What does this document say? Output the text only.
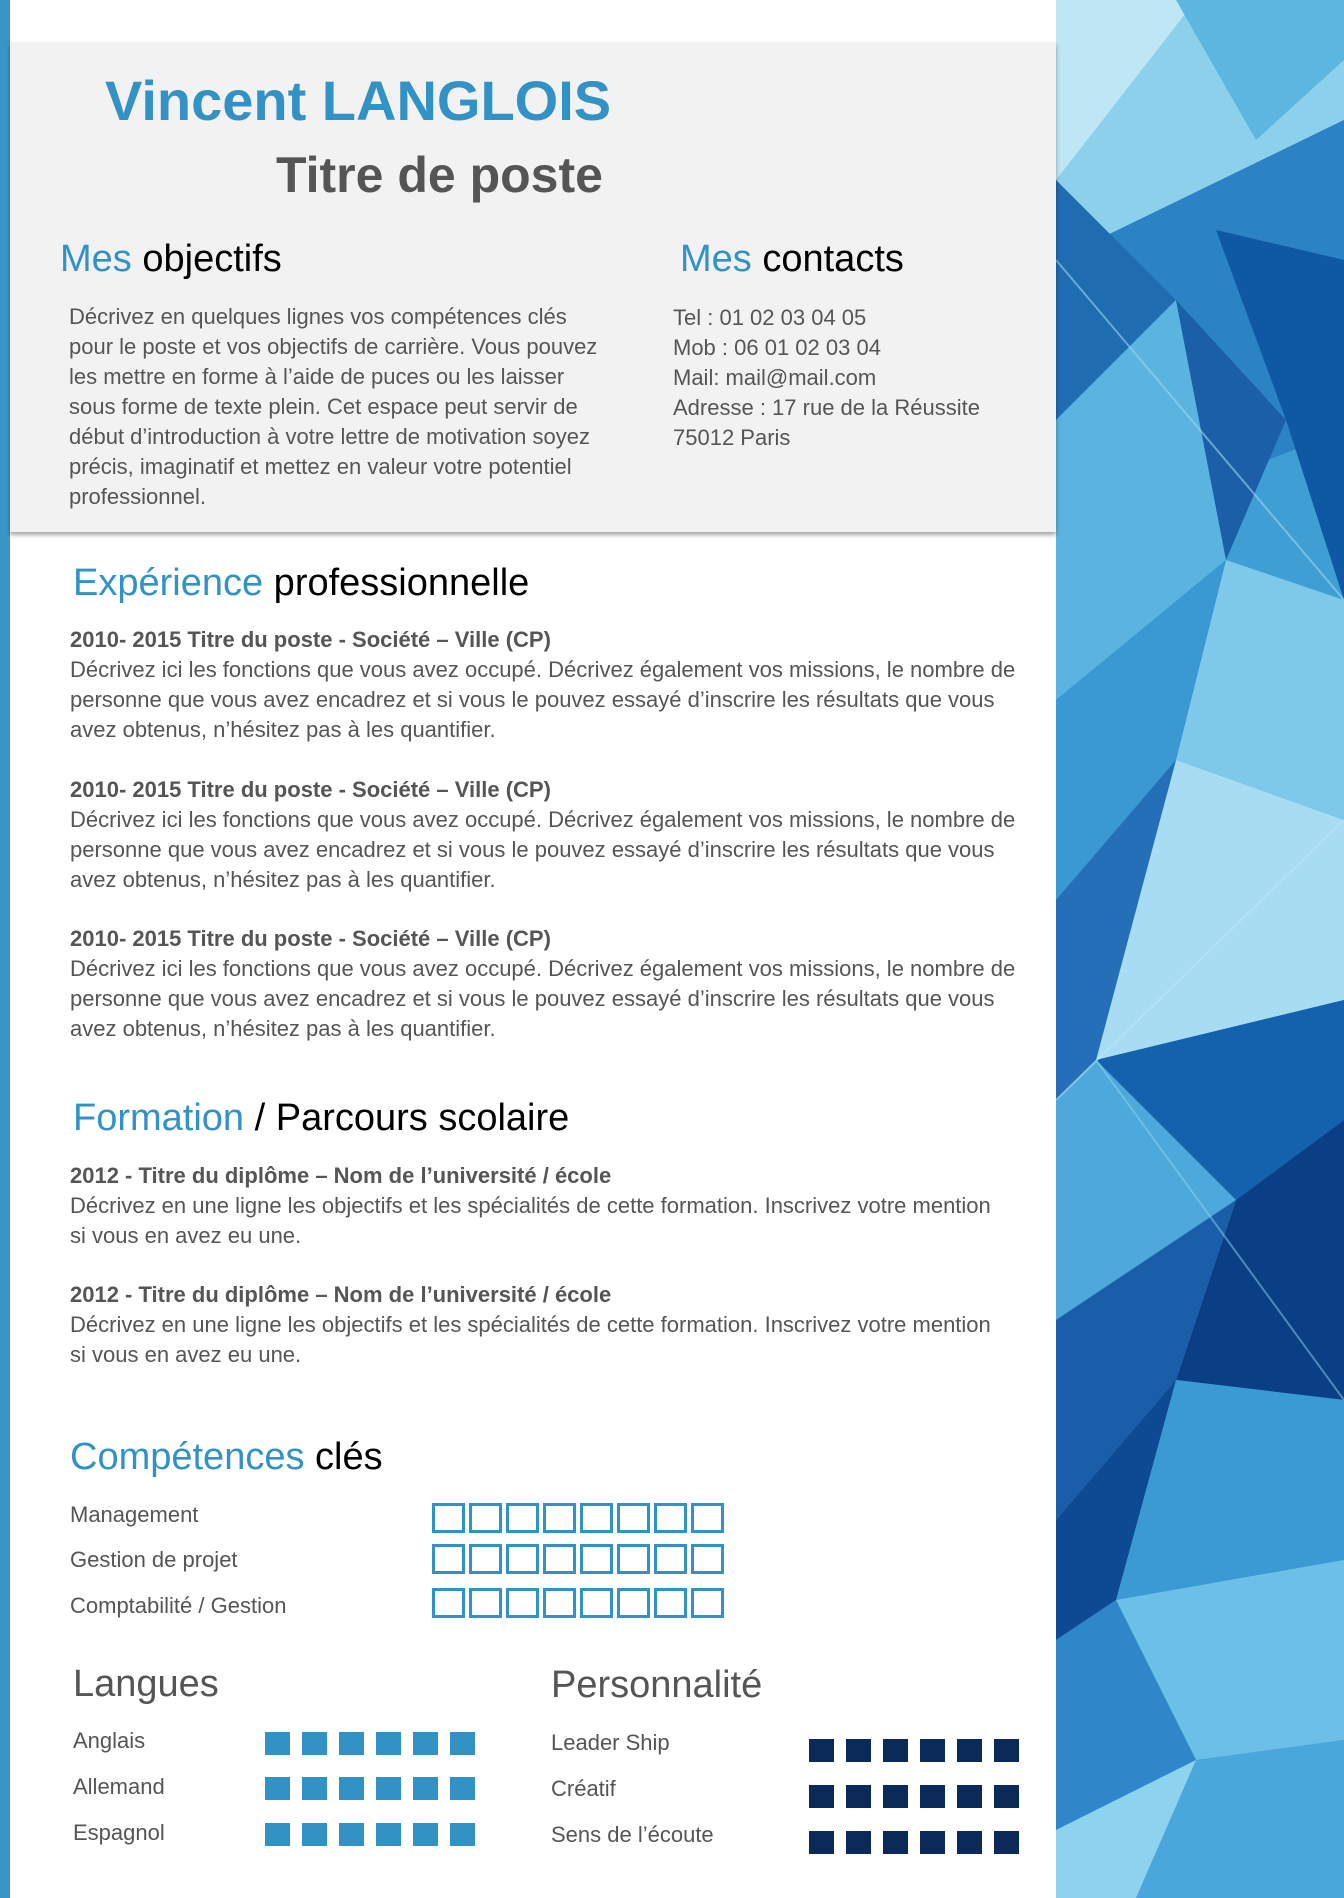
Vincent LANGLOIS
Titre de poste
Mes objectifs
Décrivez en quelques lignes vos compétences clés pour le poste et vos objectifs de carrière. Vous pouvez les mettre en forme à l’aide de puces ou les laisser sous forme de texte plein. Cet espace peut servir de début d’introduction à votre lettre de motivation soyez précis, imaginatif et mettez en valeur votre potentiel professionnel.
Mes contacts
Tel : 01 02 03 04 05
Mob : 06 01 02 03 04
Mail: mail@mail.com
Adresse : 17 rue de la Réussite
75012 Paris
Expérience professionnelle
2010- 2015 Titre du poste - Société – Ville (CP)
Décrivez ici les fonctions que vous avez occupé. Décrivez également vos missions, le nombre de personne que vous avez encadrez et si vous le pouvez essayé d’inscrire les résultats que vous avez obtenus, n’hésitez pas à les quantifier.
2010- 2015 Titre du poste - Société – Ville (CP)
Décrivez ici les fonctions que vous avez occupé. Décrivez également vos missions, le nombre de personne que vous avez encadrez et si vous le pouvez essayé d’inscrire les résultats que vous avez obtenus, n’hésitez pas à les quantifier.
2010- 2015 Titre du poste - Société – Ville (CP)
Décrivez ici les fonctions que vous avez occupé. Décrivez également vos missions, le nombre de personne que vous avez encadrez et si vous le pouvez essayé d’inscrire les résultats que vous avez obtenus, n’hésitez pas à les quantifier.
Formation / Parcours scolaire
2012 - Titre du diplôme – Nom de l’université / école
Décrivez en une ligne les objectifs et les spécialités de cette formation. Inscrivez votre mention si vous en avez eu une.
2012 - Titre du diplôme – Nom de l’université / école
Décrivez en une ligne les objectifs et les spécialités de cette formation. Inscrivez votre mention si vous en avez eu une.
Compétences clés
Management
Gestion de projet
Comptabilité / Gestion
Langues
Anglais
Allemand
Espagnol
Personnalité
Leader Ship
Créatif
Sens de l’écoute
